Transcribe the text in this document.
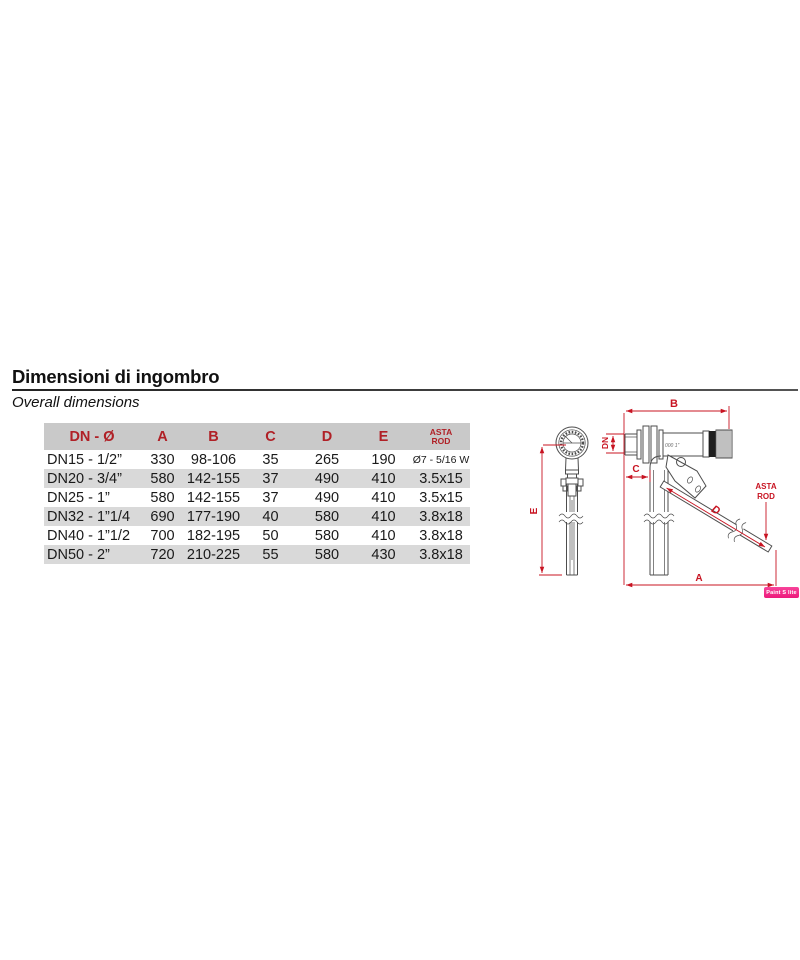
Dimensioni di ingombro
Overall dimensions
DN - Ø	A	B	C	D	E	ASTA
ROD

DN15 - 1/2”	330	98-106	35	265	190	Ø7 - 5/16 W
DN20 - 3/4”	580	142-155	37	490	410	3.5x15
DN25 - 1”	580	142-155	37	490	410	3.5x15
DN32 - 1”1/4	690	177-190	40	580	410	3.8x18
DN40 - 1”1/2	700	182-195	50	580	410	3.8x18
DN50 - 2”	720	210-225	55	580	430	3.8x18
E
000 1”
B
DN
C
D
ASTA
ROD
A
Paint S lite
